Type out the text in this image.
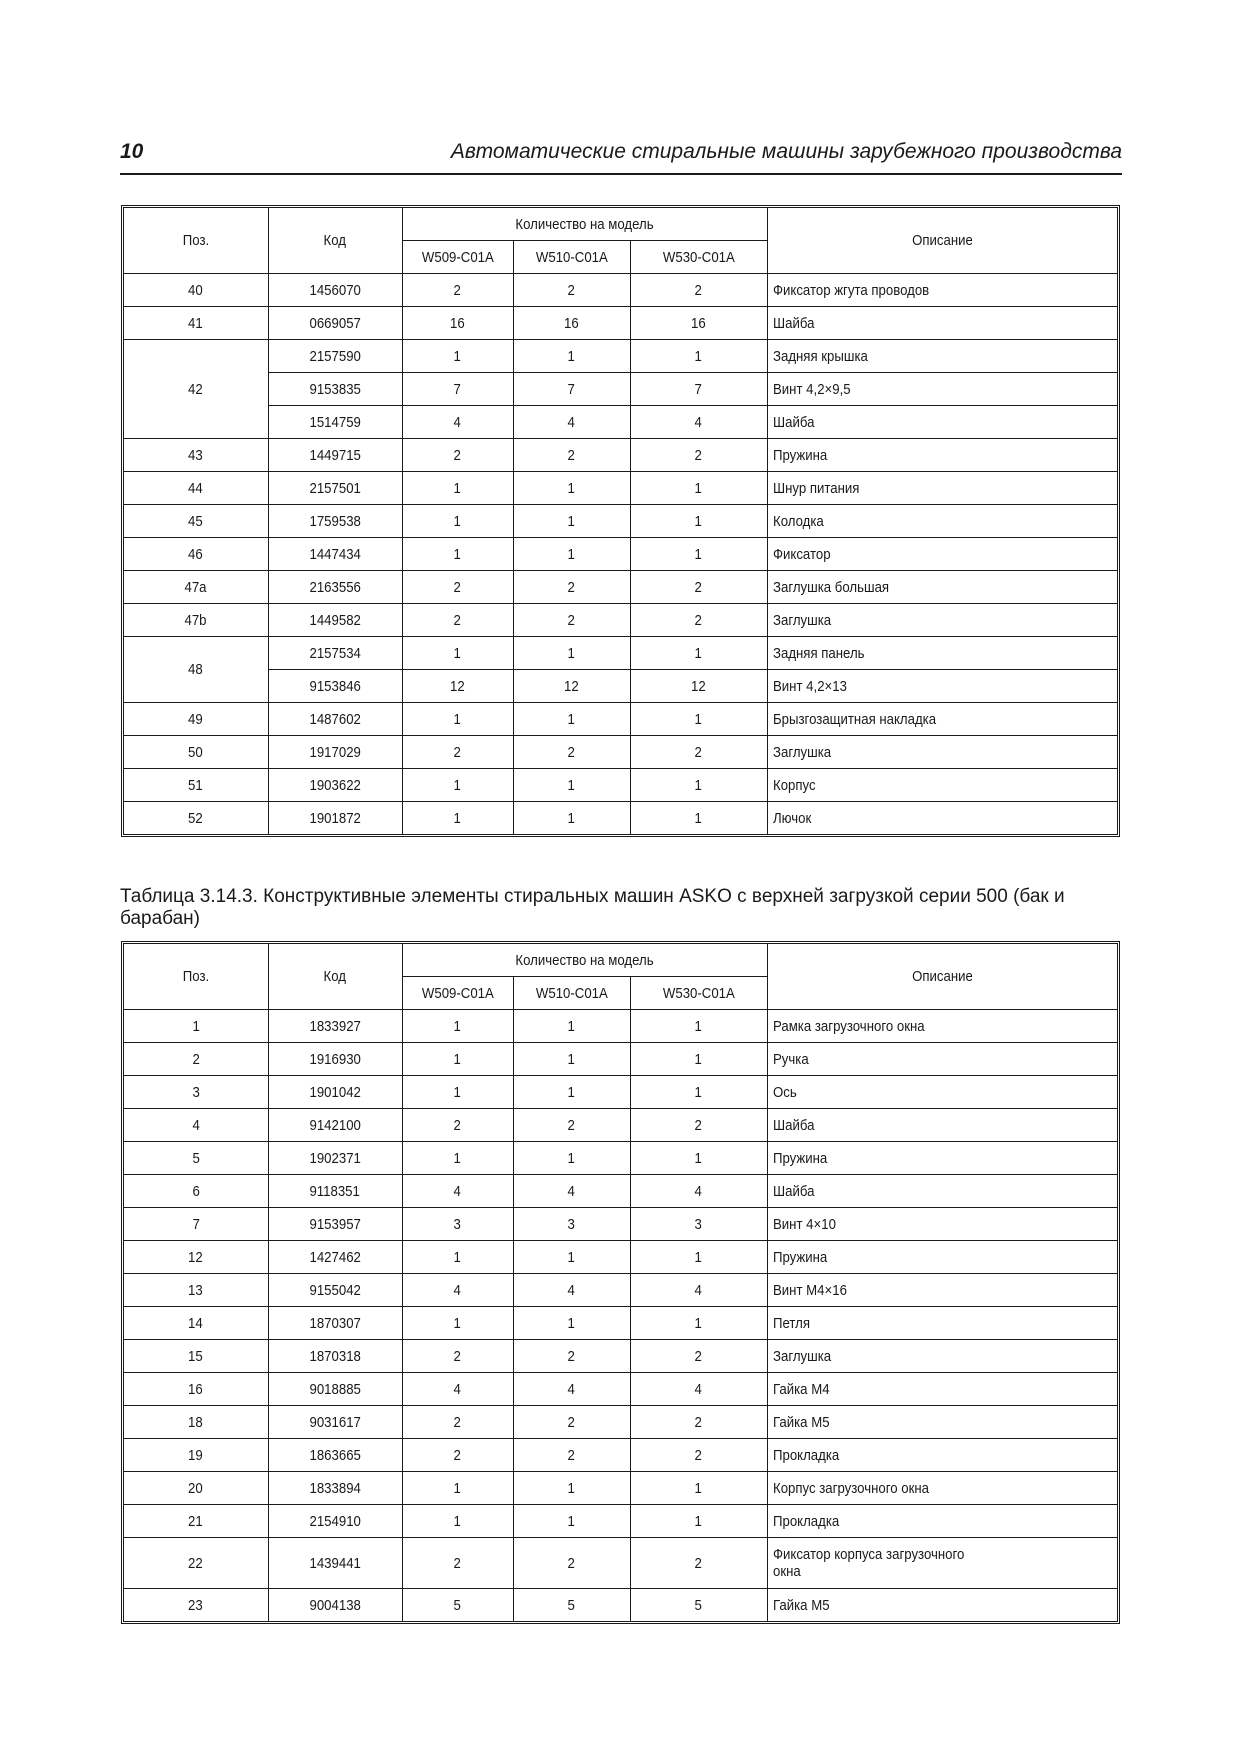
10	Автоматические стиральные машины зарубежного производства
Поз.	Код	Количество на модель			Описание
		W509-C01A	W510-C01A	W530-C01A	
40	1456070	2	2	2	Фиксатор жгута проводов
41	0669057	16	16	16	Шайба
42	2157590	1	1	1	Задняя крышка
	9153835	7	7	7	Винт 4,2×9,5
	1514759	4	4	4	Шайба
43	1449715	2	2	2	Пружина
44	2157501	1	1	1	Шнур питания
45	1759538	1	1	1	Колодка
46	1447434	1	1	1	Фиксатор
47a	2163556	2	2	2	Заглушка большая
47b	1449582	2	2	2	Заглушка
48	2157534	1	1	1	Задняя панель
	9153846	12	12	12	Винт 4,2×13
49	1487602	1	1	1	Брызгозащитная накладка
50	1917029	2	2	2	Заглушка
51	1903622	1	1	1	Корпус
52	1901872	1	1	1	Лючок
Таблица 3.14.3. Конструктивные элементы стиральных машин ASKO с верхней загрузкой серии 500 (бак и барабан)
Поз.	Код	Количество на модель			Описание
		W509-C01A	W510-C01A	W530-C01A	
1	1833927	1	1	1	Рамка загрузочного окна
2	1916930	1	1	1	Ручка
3	1901042	1	1	1	Ось
4	9142100	2	2	2	Шайба
5	1902371	1	1	1	Пружина
6	9118351	4	4	4	Шайба
7	9153957	3	3	3	Винт 4×10
12	1427462	1	1	1	Пружина
13	9155042	4	4	4	Винт М4×16
14	1870307	1	1	1	Петля
15	1870318	2	2	2	Заглушка
16	9018885	4	4	4	Гайка М4
18	9031617	2	2	2	Гайка М5
19	1863665	2	2	2	Прокладка
20	1833894	1	1	1	Корпус загрузочного окна
21	2154910	1	1	1	Прокладка
22	1439441	2	2	2	Фиксатор корпуса загрузочного окна
23	9004138	5	5	5	Гайка М5
